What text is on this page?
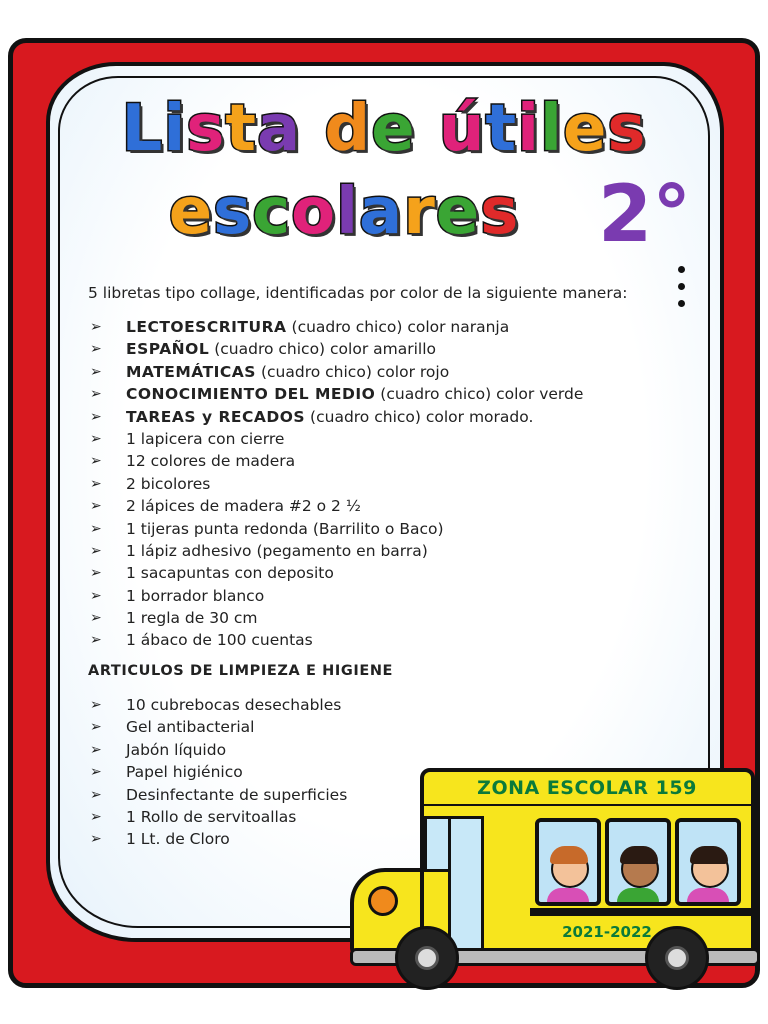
Lista de útiles
escolares	2°
5 libretas tipo collage, identificadas por color de la siguiente manera:
➢	LECTOESCRITURA (cuadro chico) color naranja
➢	ESPAÑOL (cuadro chico) color amarillo
➢	MATEMÁTICAS (cuadro chico) color rojo
➢	CONOCIMIENTO DEL MEDIO (cuadro chico) color verde
➢	TAREAS y RECADOS (cuadro chico) color morado.
➢	1 lapicera con cierre
➢	12 colores de madera
➢	2 bicolores
➢	2 lápices de madera #2 o 2 ½
➢	1 tijeras punta redonda (Barrilito o Baco)
➢	1 lápiz adhesivo (pegamento en barra)
➢	1 sacapuntas con deposito
➢	1 borrador blanco
➢	1 regla de 30 cm
➢	1 ábaco de 100 cuentas
ARTICULOS DE LIMPIEZA E HIGIENE
➢	10 cubrebocas desechables
➢	Gel antibacterial
➢	Jabón líquido
➢	Papel higiénico
➢	Desinfectante de superficies
➢	1 Rollo de servitoallas
➢	1 Lt. de Cloro
ZONA ESCOLAR 159
2021-2022
